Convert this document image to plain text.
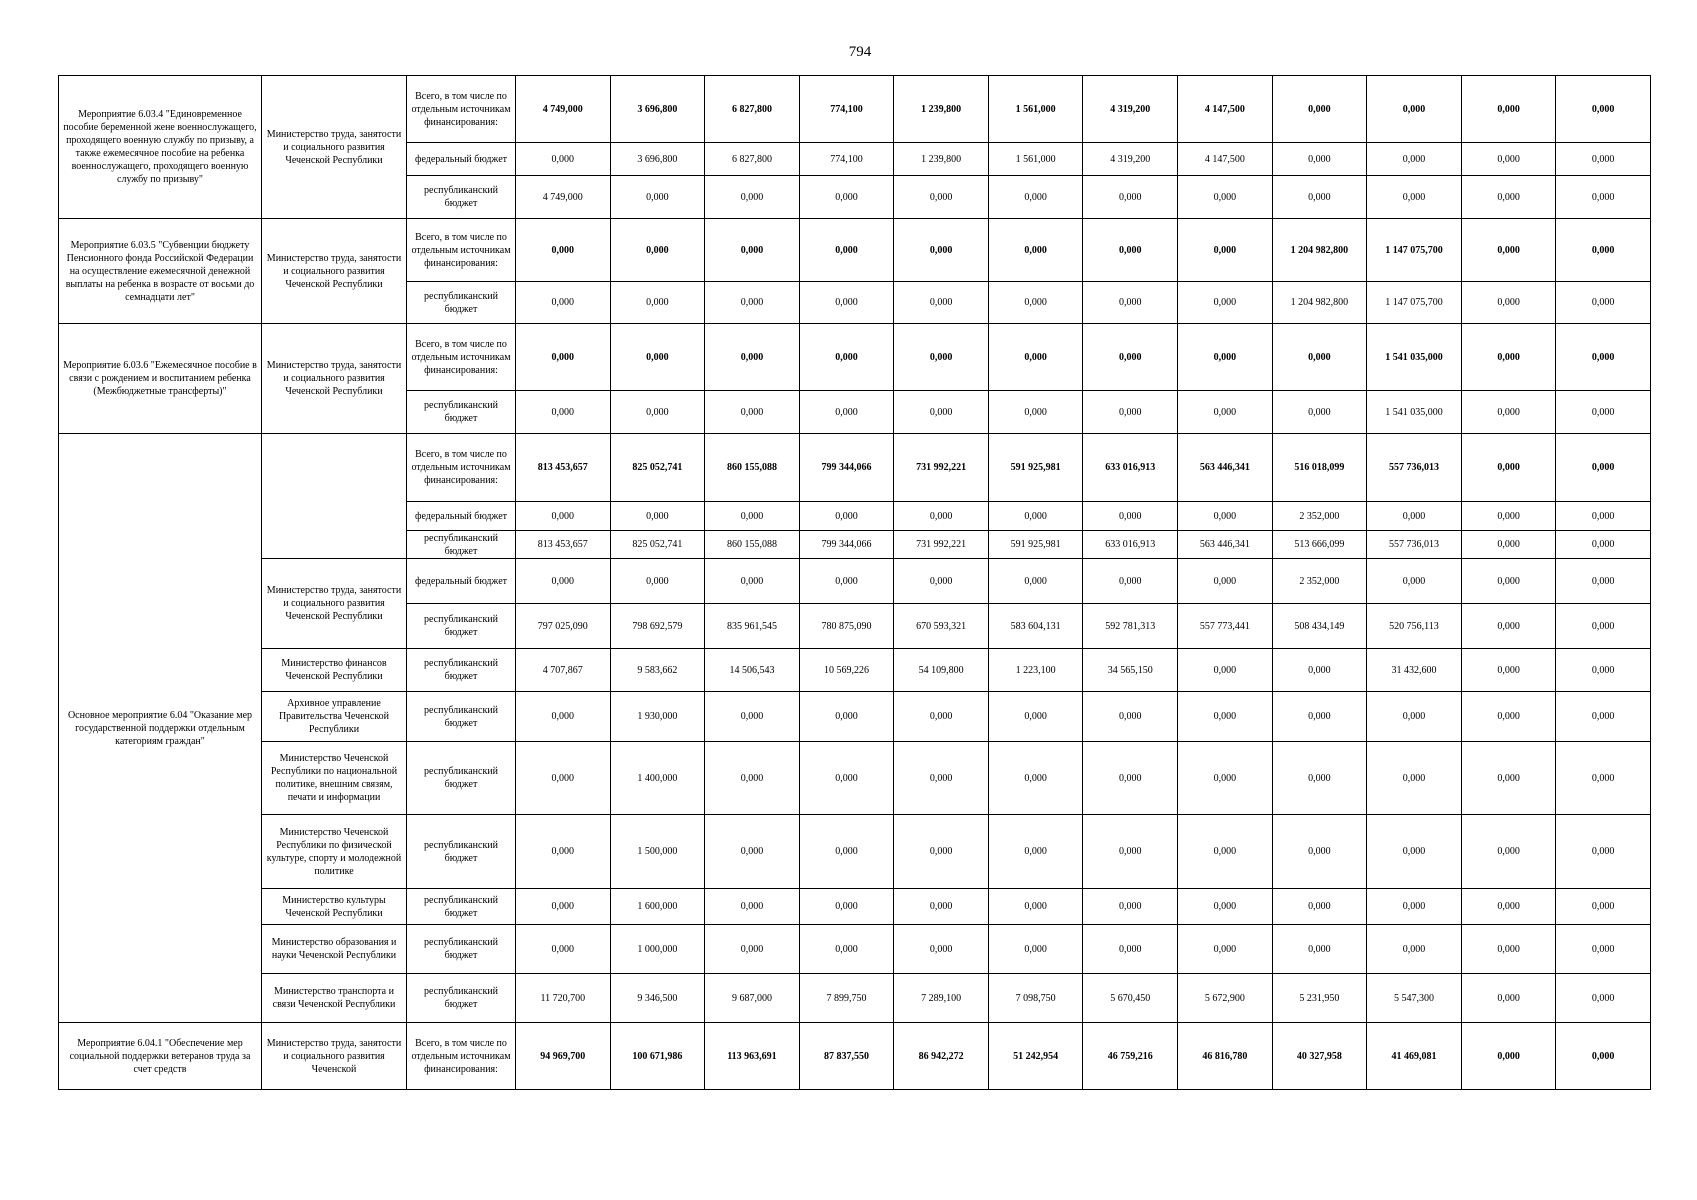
794
Мероприятие 6.03.4 "Единовременное пособие беременной жене военнослужащего, проходящего военную службу по призыву, а также ежемесячное пособие на ребенка военнослужащего, проходящего военную службу по призыву"	Министерство труда, занятости и социального развития Чеченской Республики	Всего, в том числе по отдельным источникам финансирования:	4 749,000	3 696,800	6 827,800	774,100	1 239,800	1 561,000	4 319,200	4 147,500	0,000	0,000	0,000	0,000
		федеральный бюджет	0,000	3 696,800	6 827,800	774,100	1 239,800	1 561,000	4 319,200	4 147,500	0,000	0,000	0,000	0,000
		республиканский бюджет	4 749,000	0,000	0,000	0,000	0,000	0,000	0,000	0,000	0,000	0,000	0,000	0,000
Мероприятие 6.03.5 "Субвенции бюджету Пенсионного фонда Российской Федерации на осуществление ежемесячной денежной выплаты на ребенка в возрасте от восьми до семнадцати лет"	Министерство труда, занятости и социального развития Чеченской Республики	Всего, в том числе по отдельным источникам финансирования:	0,000	0,000	0,000	0,000	0,000	0,000	0,000	0,000	1 204 982,800	1 147 075,700	0,000	0,000
		республиканский бюджет	0,000	0,000	0,000	0,000	0,000	0,000	0,000	0,000	1 204 982,800	1 147 075,700	0,000	0,000
Мероприятие 6.03.6 "Ежемесячное пособие в связи с рождением и воспитанием ребенка (Межбюджетные трансферты)"	Министерство труда, занятости и социального развития Чеченской Республики	Всего, в том числе по отдельным источникам финансирования:	0,000	0,000	0,000	0,000	0,000	0,000	0,000	0,000	0,000	1 541 035,000	0,000	0,000
		республиканский бюджет	0,000	0,000	0,000	0,000	0,000	0,000	0,000	0,000	0,000	1 541 035,000	0,000	0,000
Основное мероприятие 6.04 "Оказание мер государственной поддержки отдельным категориям граждан"		Всего, в том числе по отдельным источникам финансирования:	813 453,657	825 052,741	860 155,088	799 344,066	731 992,221	591 925,981	633 016,913	563 446,341	516 018,099	557 736,013	0,000	0,000
		федеральный бюджет	0,000	0,000	0,000	0,000	0,000	0,000	0,000	0,000	2 352,000	0,000	0,000	0,000
		республиканский бюджет	813 453,657	825 052,741	860 155,088	799 344,066	731 992,221	591 925,981	633 016,913	563 446,341	513 666,099	557 736,013	0,000	0,000
	Министерство труда, занятости и социального развития Чеченской Республики	федеральный бюджет	0,000	0,000	0,000	0,000	0,000	0,000	0,000	0,000	2 352,000	0,000	0,000	0,000
		республиканский бюджет	797 025,090	798 692,579	835 961,545	780 875,090	670 593,321	583 604,131	592 781,313	557 773,441	508 434,149	520 756,113	0,000	0,000
	Министерство финансов Чеченской Республики	республиканский бюджет	4 707,867	9 583,662	14 506,543	10 569,226	54 109,800	1 223,100	34 565,150	0,000	0,000	31 432,600	0,000	0,000
	Архивное управление Правительства Чеченской Республики	республиканский бюджет	0,000	1 930,000	0,000	0,000	0,000	0,000	0,000	0,000	0,000	0,000	0,000	0,000
	Министерство Чеченской Республики по национальной политике, внешним связям, печати и информации	республиканский бюджет	0,000	1 400,000	0,000	0,000	0,000	0,000	0,000	0,000	0,000	0,000	0,000	0,000
	Министерство Чеченской Республики по физической культуре, спорту и молодежной политике	республиканский бюджет	0,000	1 500,000	0,000	0,000	0,000	0,000	0,000	0,000	0,000	0,000	0,000	0,000
	Министерство культуры Чеченской Республики	республиканский бюджет	0,000	1 600,000	0,000	0,000	0,000	0,000	0,000	0,000	0,000	0,000	0,000	0,000
	Министерство образования и науки Чеченской Республики	республиканский бюджет	0,000	1 000,000	0,000	0,000	0,000	0,000	0,000	0,000	0,000	0,000	0,000	0,000
	Министерство транспорта и связи Чеченской Республики	республиканский бюджет	11 720,700	9 346,500	9 687,000	7 899,750	7 289,100	7 098,750	5 670,450	5 672,900	5 231,950	5 547,300	0,000	0,000
Мероприятие 6.04.1 "Обеспечение мер социальной поддержки ветеранов труда за счет средств	Министерство труда, занятости и социального развития Чеченской	Всего, в том числе по отдельным источникам финансирования:	94 969,700	100 671,986	113 963,691	87 837,550	86 942,272	51 242,954	46 759,216	46 816,780	40 327,958	41 469,081	0,000	0,000
